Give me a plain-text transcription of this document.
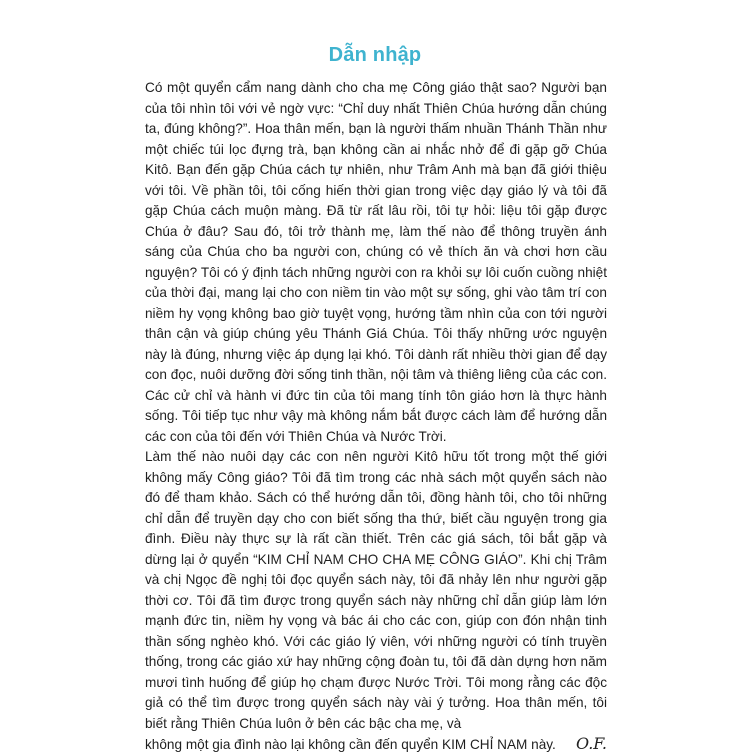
Dẫn nhập

Có một quyển cẩm nang dành cho cha mẹ Công giáo thật sao? Người bạn của tôi nhìn tôi với vẻ ngờ vực: “Chỉ duy nhất Thiên Chúa hướng dẫn chúng ta, đúng không?”. Hoa thân mến, bạn là người thấm nhuần Thánh Thần như một chiếc túi lọc đựng trà, bạn không cần ai nhắc nhở để đi gặp gỡ Chúa Kitô. Bạn đến gặp Chúa cách tự nhiên, như Trâm Anh mà bạn đã giới thiệu với tôi. Về phần tôi, tôi cống hiến thời gian trong việc dạy giáo lý và tôi đã gặp Chúa cách muộn màng. Đã từ rất lâu rồi, tôi tự hỏi: liệu tôi gặp được Chúa ở đâu? Sau đó, tôi trở thành mẹ, làm thế nào để thông truyền ánh sáng của Chúa cho ba người con, chúng có vẻ thích ăn và chơi hơn cầu nguyện? Tôi có ý định tách những người con ra khỏi sự lôi cuốn cuồng nhiệt của thời đại, mang lại cho con niềm tin vào một sự sống, ghi vào tâm trí con niềm hy vọng không bao giờ tuyệt vọng, hướng tầm nhìn của con tới người thân cận và giúp chúng yêu Thánh Giá Chúa. Tôi thấy những ước nguyện này là đúng, nhưng việc áp dụng lại khó. Tôi dành rất nhiều thời gian để dạy con đọc, nuôi dưỡng đời sống tinh thần, nội tâm và thiêng liêng của các con. Các cử chỉ và hành vi đức tin của tôi mang tính tôn giáo hơn là thực hành sống. Tôi tiếp tục như vậy mà không nắm bắt được cách làm để hướng dẫn các con của tôi đến với Thiên Chúa và Nước Trời.

Làm thế nào nuôi dạy các con nên người Kitô hữu tốt trong một thế giới không mấy Công giáo? Tôi đã tìm trong các nhà sách một quyển sách nào đó để tham khảo. Sách có thể hướng dẫn tôi, đồng hành tôi, cho tôi những chỉ dẫn để truyền dạy cho con biết sống tha thứ, biết cầu nguyện trong gia đình. Điều này thực sự là rất cần thiết. Trên các giá sách, tôi bắt gặp và dừng lại ở quyển “KIM CHỈ NAM CHO CHA MẸ CÔNG GIÁO”. Khi chị Trâm và chị Ngọc đề nghị tôi đọc quyển sách này, tôi đã nhảy lên như người gặp thời cơ. Tôi đã tìm được trong quyển sách này những chỉ dẫn giúp làm lớn mạnh đức tin, niềm hy vọng và bác ái cho các con, giúp con đón nhận tinh thần sống nghèo khó. Với các giáo lý viên, với những người có tính truyền thống, trong các giáo xứ hay những cộng đoàn tu, tôi đã dàn dựng hơn năm mươi tình huống để giúp họ chạm được Nước Trời. Tôi mong rằng các độc giả có thể tìm được trong quyển sách này vài ý tưởng. Hoa thân mến, tôi biết rằng Thiên Chúa luôn ở bên các bậc cha mẹ, và

không một gia đình nào lại không cần đến quyển KIM CHỈ NAM này. O.F.
